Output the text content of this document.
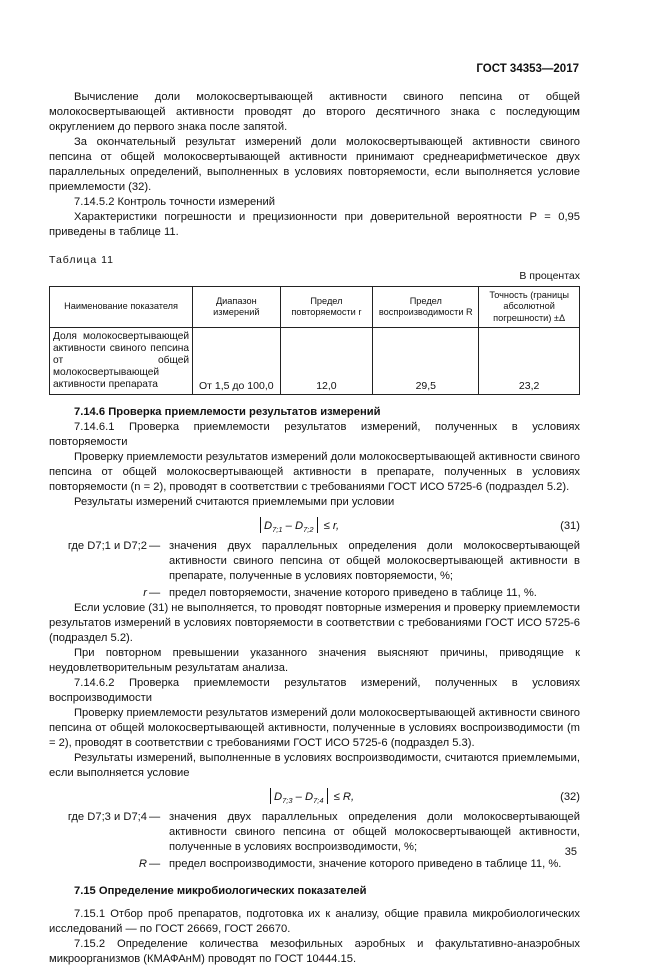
ГОСТ 34353—2017

Вычисление доли молокосвертывающей активности свиного пепсина от общей молокосвертывающей активности проводят до второго десятичного знака с последующим округлением до первого знака после запятой.

За окончательный результат измерений доли молокосвертывающей активности свиного пепсина от общей молокосвертывающей активности принимают среднеарифметическое двух параллельных определений, выполненных в условиях повторяемости, если выполняется условие приемлемости (32).

7.14.5.2 Контроль точности измерений

Характеристики погрешности и прецизионности при доверительной вероятности P = 0,95 приведены в таблице 11.

Таблица 11
В процентах
Наименование показателя	Диапазон измерений	Предел повторяемости r	Предел воспроизводимости R	Точность (границы абсолютной погрешности) ±Δ
Доля молокосвертывающей активности свиного пепсина от общей молокосвертывающей активности препарата	От 1,5 до 100,0	12,0	29,5	23,2

7.14.6 Проверка приемлемости результатов измерений

7.14.6.1 Проверка приемлемости результатов измерений, полученных в условиях повторяемости

Проверку приемлемости результатов измерений доли молокосвертывающей активности свиного пепсина от общей молокосвертывающей активности в препарате, полученных в условиях повторяемости (n = 2), проводят в соответствии с требованиями ГОСТ ИСО 5725-6 (подраздел 5.2).

Результаты измерений считаются приемлемыми при условии

$D_{7;1} - D_{7;2} \le r$,	(31)
где D7;1 и D7;2 — значения двух параллельных определения доли молокосвертывающей активности свиного пепсина от общей молокосвертывающей активности в препарате, полученные в условиях повторяемости, %;

r — предел повторяемости, значение которого приведено в таблице 11, %.

Если условие (31) не выполняется, то проводят повторные измерения и проверку приемлемости результатов измерений в условиях повторяемости в соответствии с требованиями ГОСТ ИСО 5725-6 (подраздел 5.2).

При повторном превышении указанного значения выясняют причины, приводящие к неудовлетворительным результатам анализа.

7.14.6.2 Проверка приемлемости результатов измерений, полученных в условиях воспроизводимости

Проверку приемлемости результатов измерений доли молокосвертывающей активности свиного пепсина от общей молокосвертывающей активности, полученные в условиях воспроизводимости (m = 2), проводят в соответствии с требованиями ГОСТ ИСО 5725-6 (подраздел 5.3).

Результаты измерений, выполненные в условиях воспроизводимости, считаются приемлемыми, если выполняется условие

$D_{7;3} - D_{7;4} \le R$,	(32)
где D7;3 и D7;4 — значения двух параллельных определения доли молокосвертывающей активности свиного пепсина от общей молокосвертывающей активности, полученные в условиях воспроизводимости, %;

R — предел воспроизводимости, значение которого приведено в таблице 11, %.

7.15 Определение микробиологических показателей

7.15.1 Отбор проб препаратов, подготовка их к анализу, общие правила микробиологических исследований — по ГОСТ 26669, ГОСТ 26670.

7.15.2 Определение количества мезофильных аэробных и факультативно-анаэробных микроорганизмов (КМАФАнМ) проводят по ГОСТ 10444.15.

35
